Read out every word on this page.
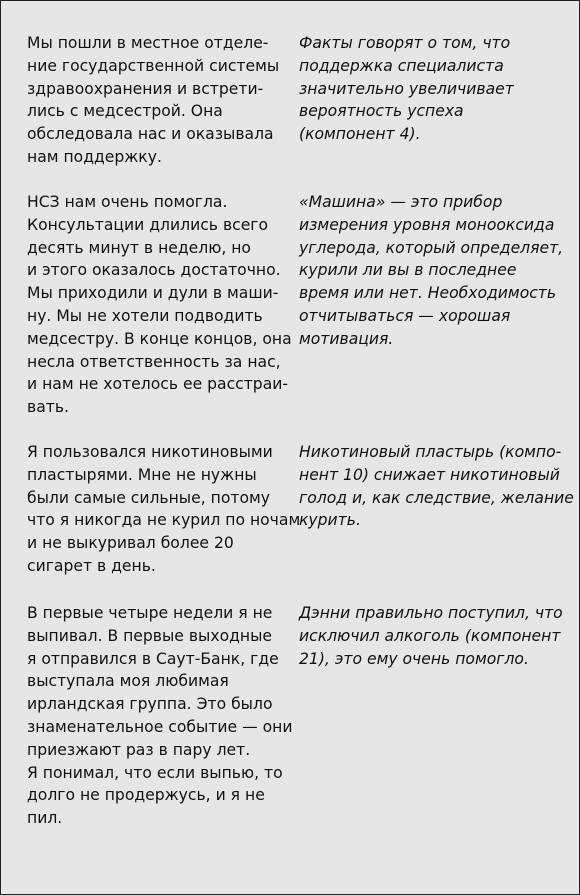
Мы пошли в местное отделе-
ние государственной системы
здравоохранения и встрети-
лись с медсестрой. Она
обследовала нас и оказывала
нам поддержку.
Факты говорят о том, что
поддержка специалиста
значительно увеличивает
вероятность успеха
(компонент 4).
НСЗ нам очень помогла.
Консультации длились всего
десять минут в неделю, но
и этого оказалось достаточно.
Мы приходили и дули в маши-
ну. Мы не хотели подводить
медсестру. В конце концов, она
несла ответственность за нас,
и нам не хотелось ее расстраи-
вать.
«Машина» — это прибор
измерения уровня монооксида
углерода, который определяет,
курили ли вы в последнее
время или нет. Необходимость
отчитываться — хорошая
мотивация.
Я пользовался никотиновыми
пластырями. Мне не нужны
были самые сильные, потому
что я никогда не курил по ночам
и не выкуривал более 20
сигарет в день.
Никотиновый пластырь (компо-
нент 10) снижает никотиновый
голод и, как следствие, желание
курить.
В первые четыре недели я не
выпивал. В первые выходные
я отправился в Саут-Банк, где
выступала моя любимая
ирландская группа. Это было
знаменательное событие — они
приезжают раз в пару лет.
Я понимал, что если выпью, то
долго не продержусь, и я не
пил.
Дэнни правильно поступил, что
исключил алкоголь (компонент
21), это ему очень помогло.
